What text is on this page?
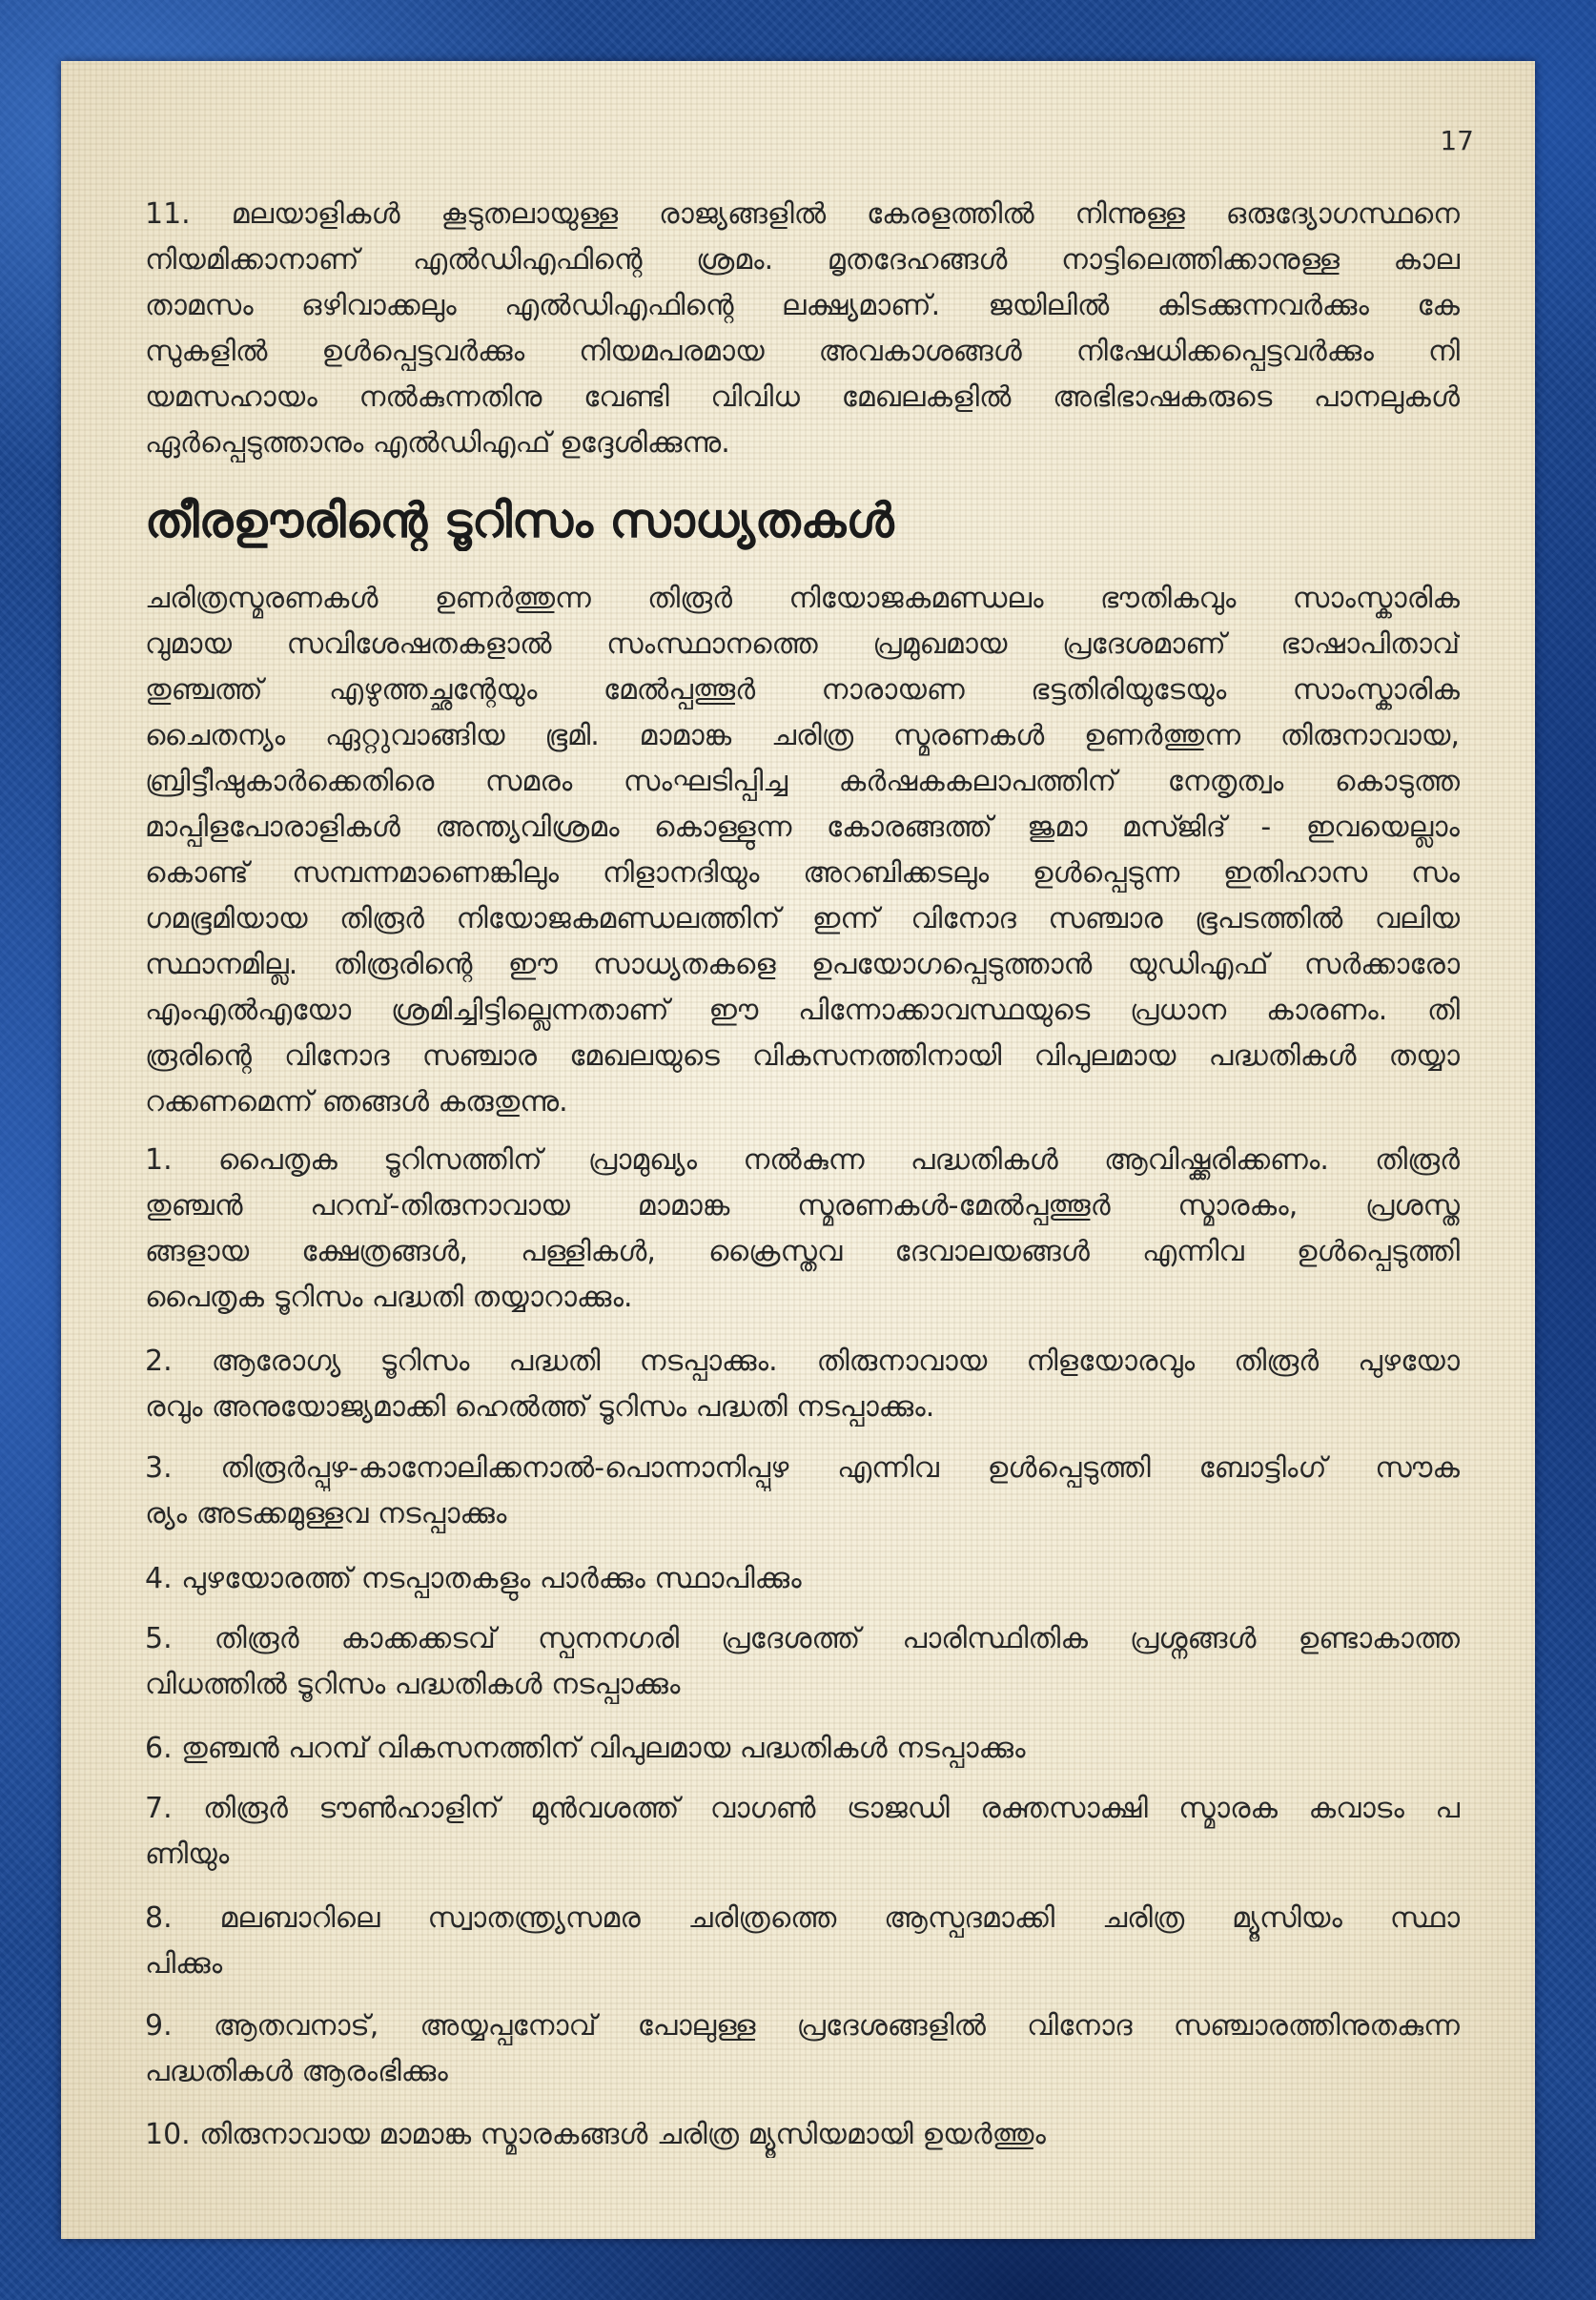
17
11. മലയാളികൾ കൂടുതലായുള്ള രാജ്യങ്ങളിൽ കേരളത്തിൽ നിന്നുള്ള ഒരുദ്യോഗസ്ഥനെ
നിയമിക്കാനാണ് എൽഡിഎഫിന്റെ ശ്രമം. മൃതദേഹങ്ങൾ നാട്ടിലെത്തിക്കാനുള്ള കാല
താമസം ഒഴിവാക്കലും എൽഡിഎഫിന്റെ ലക്ഷ്യമാണ്. ജയിലിൽ കിടക്കുന്നവർക്കും കേ
സുകളിൽ ഉൾപ്പെട്ടവർക്കും നിയമപരമായ അവകാശങ്ങൾ നിഷേധിക്കപ്പെട്ടവർക്കും നി
യമസഹായം നൽകുന്നതിനു വേണ്ടി വിവിധ മേഖലകളിൽ അഭിഭാഷകരുടെ പാനലുകൾ
ഏർപ്പെടുത്താനും എൽഡിഎഫ് ഉദ്ദേശിക്കുന്നു.
തീരഊരിന്റെ ടൂറിസം സാധ്യതകൾ
ചരിത്രസ്മരണകൾ ഉണർത്തുന്ന തിരൂർ നിയോജകമണ്ഡലം ഭൗതികവും സാംസ്കാരിക
വുമായ സവിശേഷതകളാൽ സംസ്ഥാനത്തെ പ്രമുഖമായ പ്രദേശമാണ് ഭാഷാപിതാവ്
തുഞ്ചത്ത് എഴുത്തച്ഛന്റേയും മേൽപ്പത്തൂർ നാരായണ ഭട്ടതിരിയുടേയും സാംസ്കാരിക
ചൈതന്യം ഏറ്റുവാങ്ങിയ ഭൂമി. മാമാങ്ക ചരിത്ര സ്മരണകൾ ഉണർത്തുന്ന തിരുനാവായ,
ബ്രിട്ടീഷുകാർക്കെതിരെ സമരം സംഘടിപ്പിച്ച കർഷകകലാപത്തിന് നേതൃത്വം കൊടുത്ത
മാപ്പിളപോരാളികൾ അന്ത്യവിശ്രമം കൊള്ളുന്ന കോരങ്ങത്ത് ജുമാ മസ്ജിദ് - ഇവയെല്ലാം
കൊണ്ട് സമ്പന്നമാണെങ്കിലും നിളാനദിയും അറബിക്കടലും ഉൾപ്പെടുന്ന ഇതിഹാസ സം
ഗമഭൂമിയായ തിരൂർ നിയോജകമണ്ഡലത്തിന് ഇന്ന് വിനോദ സഞ്ചാര ഭൂപടത്തിൽ വലിയ
സ്ഥാനമില്ല. തിരൂരിന്റെ ഈ സാധ്യതകളെ ഉപയോഗപ്പെടുത്താൻ യുഡിഎഫ് സർക്കാരോ
എംഎൽഎയോ ശ്രമിച്ചിട്ടില്ലെന്നതാണ് ഈ പിന്നോക്കാവസ്ഥയുടെ പ്രധാന കാരണം. തി
രൂരിന്റെ വിനോദ സഞ്ചാര മേഖലയുടെ വികസനത്തിനായി വിപുലമായ പദ്ധതികൾ തയ്യാ
റക്കണമെന്ന് ഞങ്ങൾ കരുതുന്നു.
1. പൈതൃക ടൂറിസത്തിന് പ്രാമുഖ്യം നൽകുന്ന പദ്ധതികൾ ആവിഷ്ക്കരിക്കണം. തിരൂർ
തുഞ്ചൻ പറമ്പ്-തിരുനാവായ മാമാങ്ക സ്മരണകൾ-മേൽപ്പത്തൂർ സ്മാരകം, പ്രശസ്ത
ങ്ങളായ ക്ഷേത്രങ്ങൾ, പള്ളികൾ, ക്രൈസ്തവ ദേവാലയങ്ങൾ എന്നിവ ഉൾപ്പെടുത്തി
പൈതൃക ടൂറിസം പദ്ധതി തയ്യാറാക്കും.
2. ആരോഗ്യ ടൂറിസം പദ്ധതി നടപ്പാക്കും. തിരുനാവായ നിളയോരവും തിരൂർ പുഴയോ
രവും അനുയോജ്യമാക്കി ഹെൽത്ത് ടൂറിസം പദ്ധതി നടപ്പാക്കും.
3. തിരൂർപ്പുഴ-കാനോലിക്കനാൽ-പൊന്നാനിപ്പുഴ എന്നിവ ഉൾപ്പെടുത്തി ബോട്ടിംഗ് സൗക
ര്യം അടക്കമുള്ളവ നടപ്പാക്കും
4. പുഴയോരത്ത് നടപ്പാതകളും പാർക്കും സ്ഥാപിക്കും
5. തിരൂർ കാക്കക്കടവ് സ്പനനഗരി പ്രദേശത്ത് പാരിസ്ഥിതിക പ്രശ്നങ്ങൾ ഉണ്ടാകാത്ത
വിധത്തിൽ ടൂറിസം പദ്ധതികൾ നടപ്പാക്കും
6. തുഞ്ചൻ പറമ്പ് വികസനത്തിന് വിപുലമായ പദ്ധതികൾ നടപ്പാക്കും
7. തിരൂർ ടൗൺഹാളിന് മുൻവശത്ത് വാഗൺ ട്രാജഡി രക്തസാക്ഷി സ്മാരക കവാടം പ
ണിയും
8. മലബാറിലെ സ്വാതന്ത്ര്യസമര ചരിത്രത്തെ ആസ്പദമാക്കി ചരിത്ര മ്യൂസിയം സ്ഥാ
പിക്കും
9. ആതവനാട്, അയ്യപ്പനോവ് പോലുള്ള പ്രദേശങ്ങളിൽ വിനോദ സഞ്ചാരത്തിനുതകുന്ന
പദ്ധതികൾ ആരംഭിക്കും
10. തിരുനാവായ മാമാങ്ക സ്മാരകങ്ങൾ ചരിത്ര മ്യൂസിയമായി ഉയർത്തും
